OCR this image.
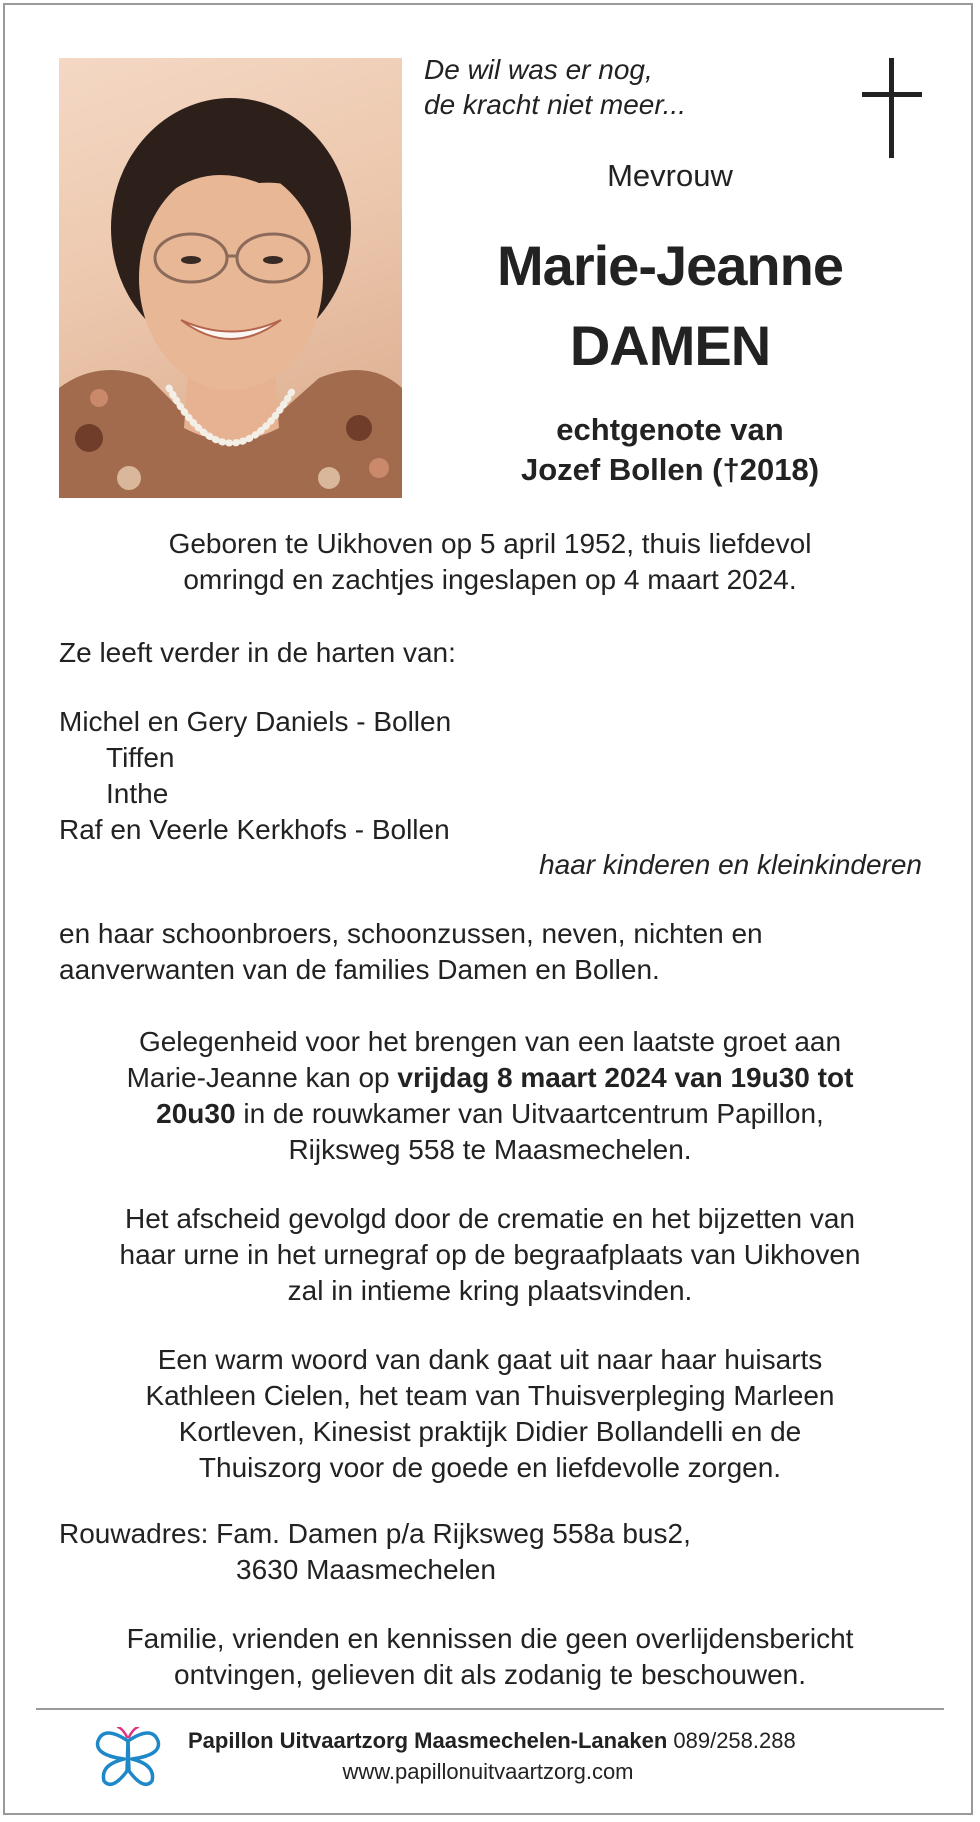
De wil was er nog,
de kracht niet meer...
Mevrouw
Marie-Jeanne
DAMEN
echtgenote van
Jozef Bollen (†2018)
Geboren te Uikhoven op 5 april 1952, thuis liefdevol
omringd en zachtjes ingeslapen op 4 maart 2024.
Ze leeft verder in de harten van:
Michel en Gery Daniels - Bollen
Tiffen
Inthe
Raf en Veerle Kerkhofs - Bollen
haar kinderen en kleinkinderen
en haar schoonbroers, schoonzussen, neven, nichten en
aanverwanten van de families Damen en Bollen.
Gelegenheid voor het brengen van een laatste groet aan
Marie-Jeanne kan op vrijdag 8 maart 2024 van 19u30 tot
20u30 in de rouwkamer van Uitvaartcentrum Papillon,
Rijksweg 558 te Maasmechelen.
Het afscheid gevolgd door de crematie en het bijzetten van
haar urne in het urnegraf op de begraafplaats van Uikhoven
zal in intieme kring plaatsvinden.
Een warm woord van dank gaat uit naar haar huisarts
Kathleen Cielen, het team van Thuisverpleging Marleen
Kortleven, Kinesist praktijk Didier Bollandelli en de
Thuiszorg voor de goede en liefdevolle zorgen.
Rouwadres: Fam. Damen p/a Rijksweg 558a bus2,
3630 Maasmechelen
Familie, vrienden en kennissen die geen overlijdensbericht
ontvingen, gelieven dit als zodanig te beschouwen.
Papillon Uitvaartzorg Maasmechelen-Lanaken 089/258.288
www.papillonuitvaartzorg.com
